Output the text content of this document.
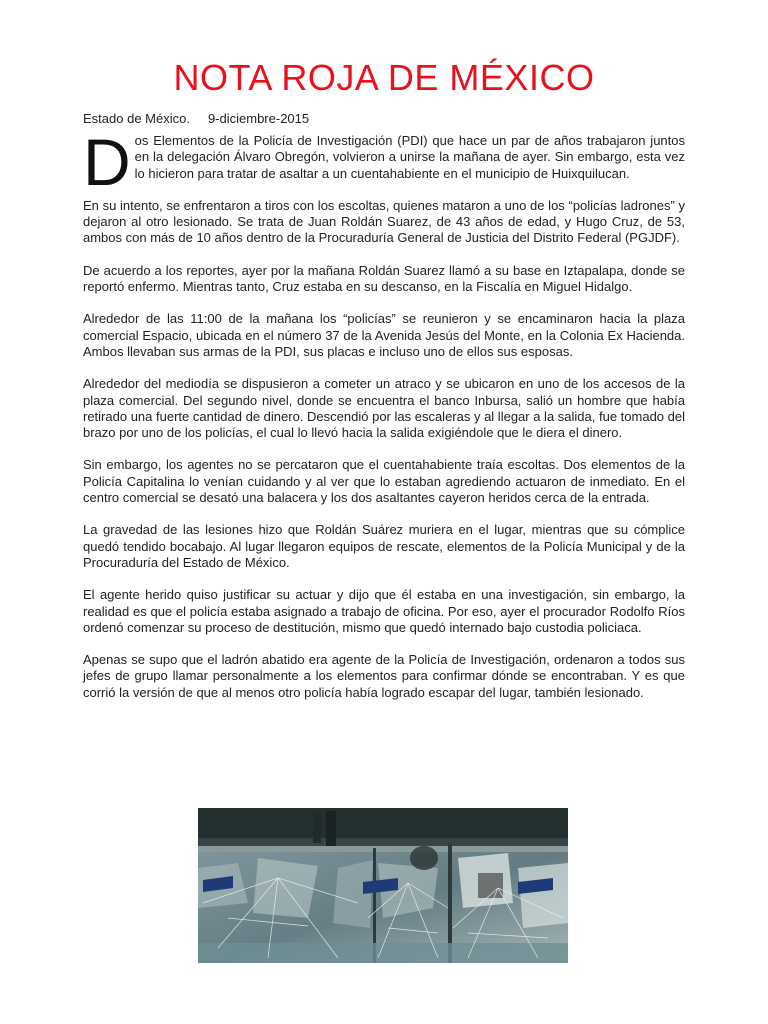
NOTA ROJA DE MÉXICO
Estado de México. 9-diciembre-2015

Dos Elementos de la Policía de Investigación (PDI) que hace un par de años trabajaron juntos en la delegación Álvaro Obregón, volvieron a unirse la mañana de ayer. Sin embargo, esta vez lo hicieron para tratar de asaltar a un cuentahabiente en el municipio de Huixquilucan.

En su intento, se enfrentaron a tiros con los escoltas, quienes mataron a uno de los “policías ladrones” y dejaron al otro lesionado. Se trata de Juan Roldán Suarez, de 43 años de edad, y Hugo Cruz, de 53, ambos con más de 10 años dentro de la Procuraduría General de Justicia del Distrito Federal (PGJDF).

De acuerdo a los reportes, ayer por la mañana Roldán Suarez llamó a su base en Iztapalapa, donde se reportó enfermo. Mientras tanto, Cruz estaba en su descanso, en la Fiscalía en Miguel Hidalgo.

Alrededor de las 11:00 de la mañana los “policías” se reunieron y se encaminaron hacia la plaza comercial Espacio, ubicada en el número 37 de la Avenida Jesús del Monte, en la Colonia Ex Hacienda. Ambos llevaban sus armas de la PDI, sus placas e incluso uno de ellos sus esposas.

Alrededor del mediodía se dispusieron a cometer un atraco y se ubicaron en uno de los accesos de la plaza comercial. Del segundo nivel, donde se encuentra el banco Inbursa, salió un hombre que había retirado una fuerte cantidad de dinero. Descendió por las escaleras y al llegar a la salida, fue tomado del brazo por uno de los policías, el cual lo llevó hacia la salida exigiéndole que le diera el dinero.

Sin embargo, los agentes no se percataron que el cuentahabiente traía escoltas. Dos elementos de la Policía Capitalina lo venían cuidando y al ver que lo estaban agrediendo actuaron de inmediato. En el centro comercial se desató una balacera y los dos asaltantes cayeron heridos cerca de la entrada.

La gravedad de las lesiones hizo que Roldán Suárez muriera en el lugar, mientras que su cómplice quedó tendido bocabajo. Al lugar llegaron equipos de rescate, elementos de la Policía Municipal y de la Procuraduría del Estado de México.

El agente herido quiso justificar su actuar y dijo que él estaba en una investigación, sin embargo, la realidad es que el policía estaba asignado a trabajo de oficina. Por eso, ayer el procurador Rodolfo Ríos ordenó comenzar su proceso de destitución, mismo que quedó internado bajo custodia policiaca.

Apenas se supo que el ladrón abatido era agente de la Policía de Investigación, ordenaron a todos sus jefes de grupo llamar personalmente a los elementos para confirmar dónde se encontraban. Y es que corrió la versión de que al menos otro policía había logrado escapar del lugar, también lesionado.
